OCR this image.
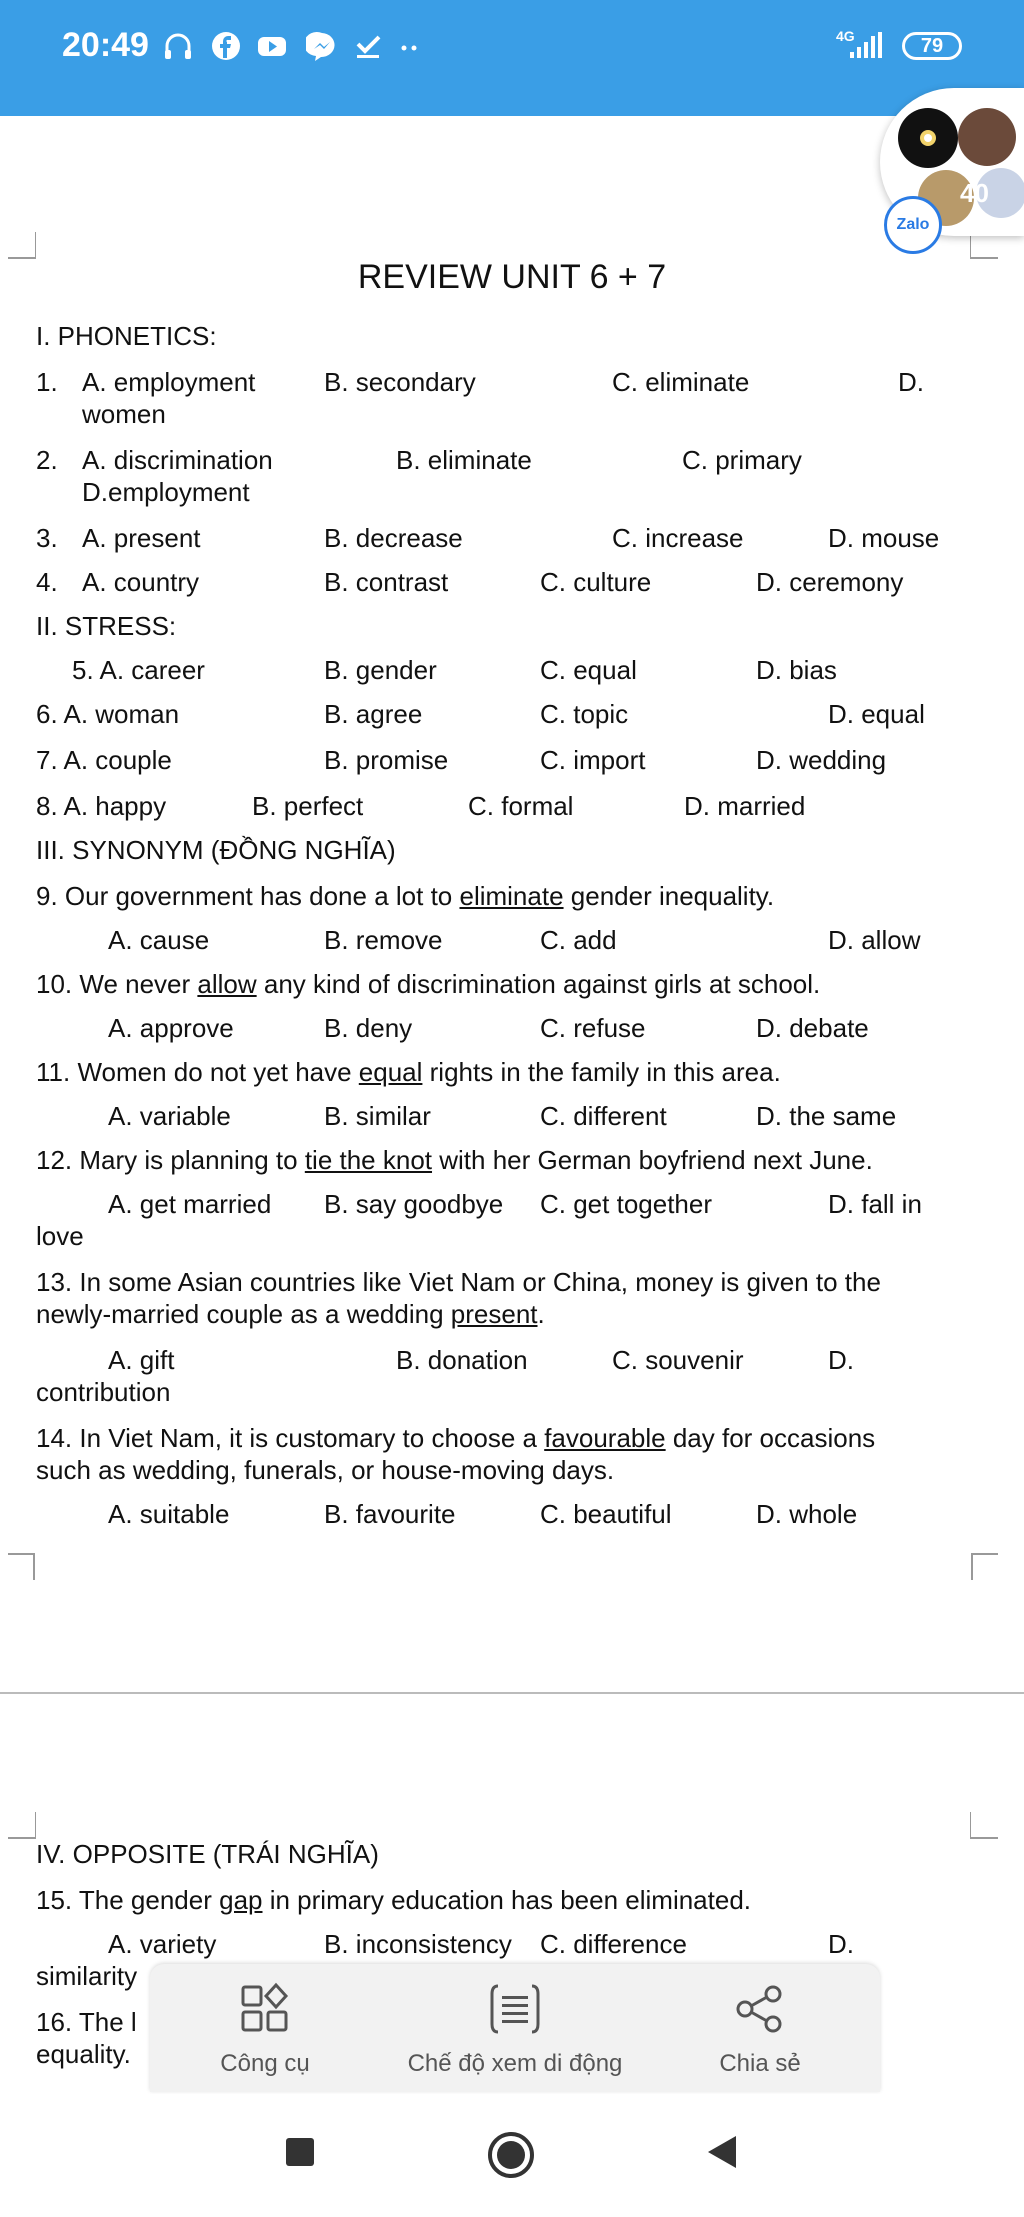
20:49	4G	79
REVIEW UNIT 6 + 7
I. PHONETICS:
1. A. employment	B. secondary	C. eliminate	D.
women
2. A. discrimination	B. eliminate	C. primary
D.employment
3. A. present	B. decrease	C. increase	D. mouse
4. A. country	B. contrast	C. culture	D. ceremony
II. STRESS:
5. A. career	B. gender	C. equal	D. bias
6. A. woman	B. agree	C. topic	D. equal
7. A. couple	B. promise	C. import	D. wedding
8. A. happy	B. perfect	C. formal	D. married
III. SYNONYM (ĐỒNG NGHĨA)
9. Our government has done a lot to eliminate gender inequality.
A. cause	B. remove	C. add	D. allow
10. We never allow any kind of discrimination against girls at school.
A. approve	B. deny	C. refuse	D. debate
11. Women do not yet have equal rights in the family in this area.
A. variable	B. similar	C. different	D. the same
12. Mary is planning to tie the knot with her German boyfriend next June.
A. get married B. say goodbye C. get together	D. fall in
love
13. In some Asian countries like Viet Nam or China, money is given to the
newly-married couple as a wedding present.
A. gift	B. donation	C. souvenir	D.
contribution
14. In Viet Nam, it is customary to choose a favourable day for occasions
such as wedding, funerals, or house-moving days.
A. suitable	B. favourite	C. beautiful	D. whole
IV. OPPOSITE (TRÁI NGHĨA)
15. The gender gap in primary education has been eliminated.
A. variety	B. inconsistency C. difference	D.
similarity
16. The l
equality.
40
Zalo
Công cụ	Chế độ xem di động	Chia sẻ
